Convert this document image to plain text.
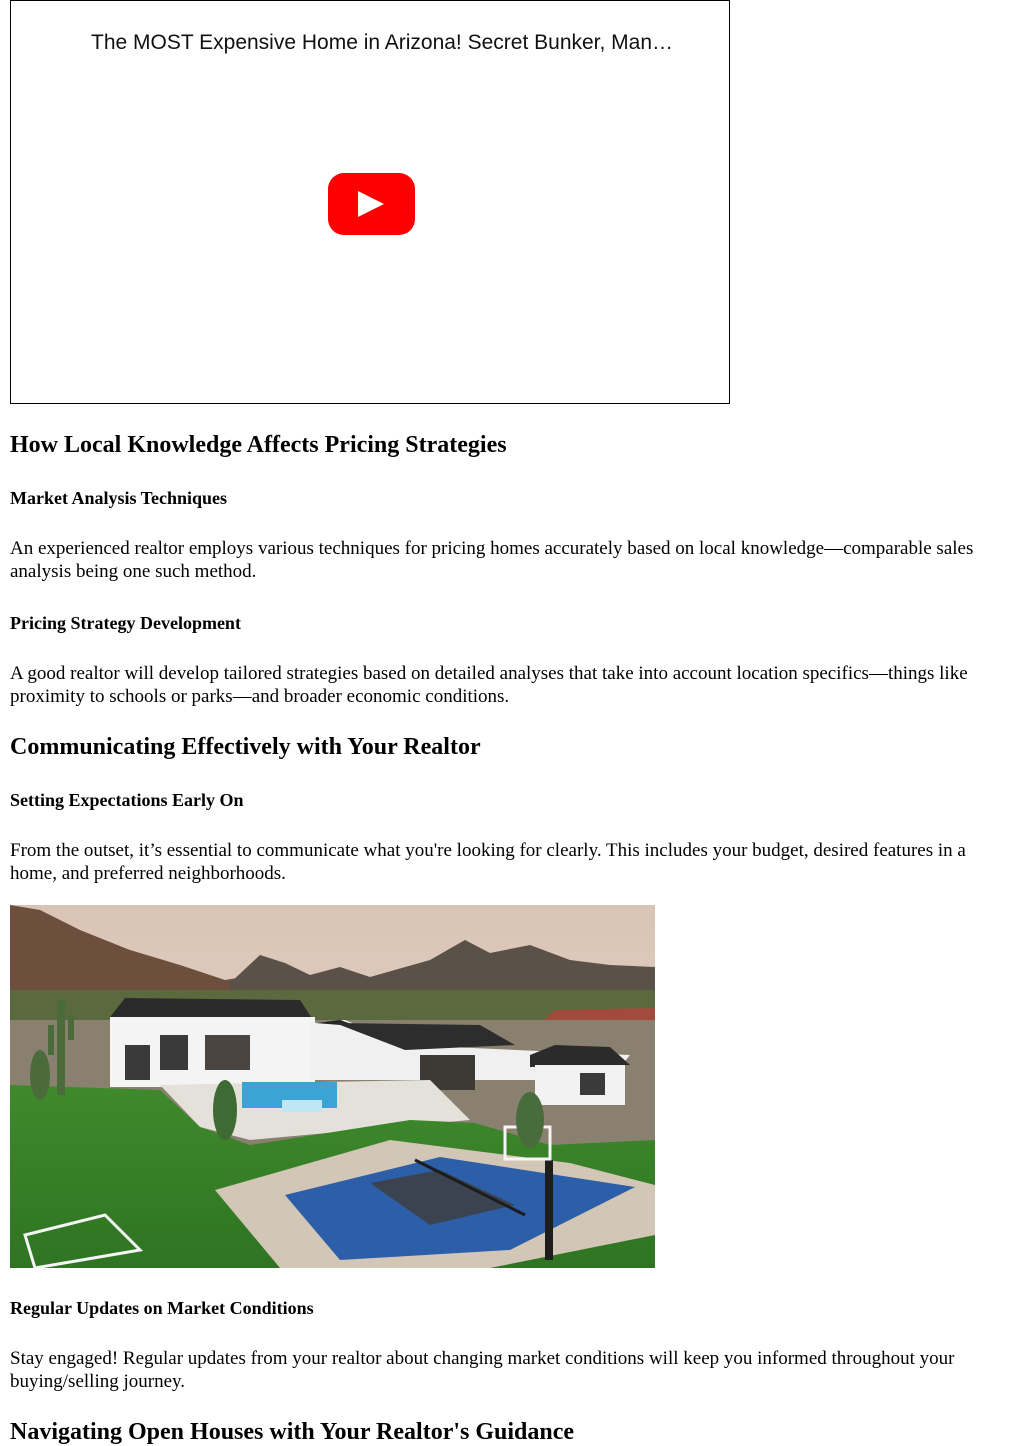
The MOST Expensive Home in Arizona! Secret Bunker, Man…
How Local Knowledge Affects Pricing Strategies
Market Analysis Techniques

An experienced realtor employs various techniques for pricing homes accurately based on local knowledge—comparable sales analysis being one such method.

Pricing Strategy Development

A good realtor will develop tailored strategies based on detailed analyses that take into account location specifics—things like proximity to schools or parks—and broader economic conditions.

Communicating Effectively with Your Realtor
Setting Expectations Early On

From the outset, it’s essential to communicate what you're looking for clearly. This includes your budget, desired features in a home, and preferred neighborhoods.

Regular Updates on Market Conditions

Stay engaged! Regular updates from your realtor about changing market conditions will keep you informed throughout your buying/selling journey.

Navigating Open Houses with Your Realtor's Guidance
